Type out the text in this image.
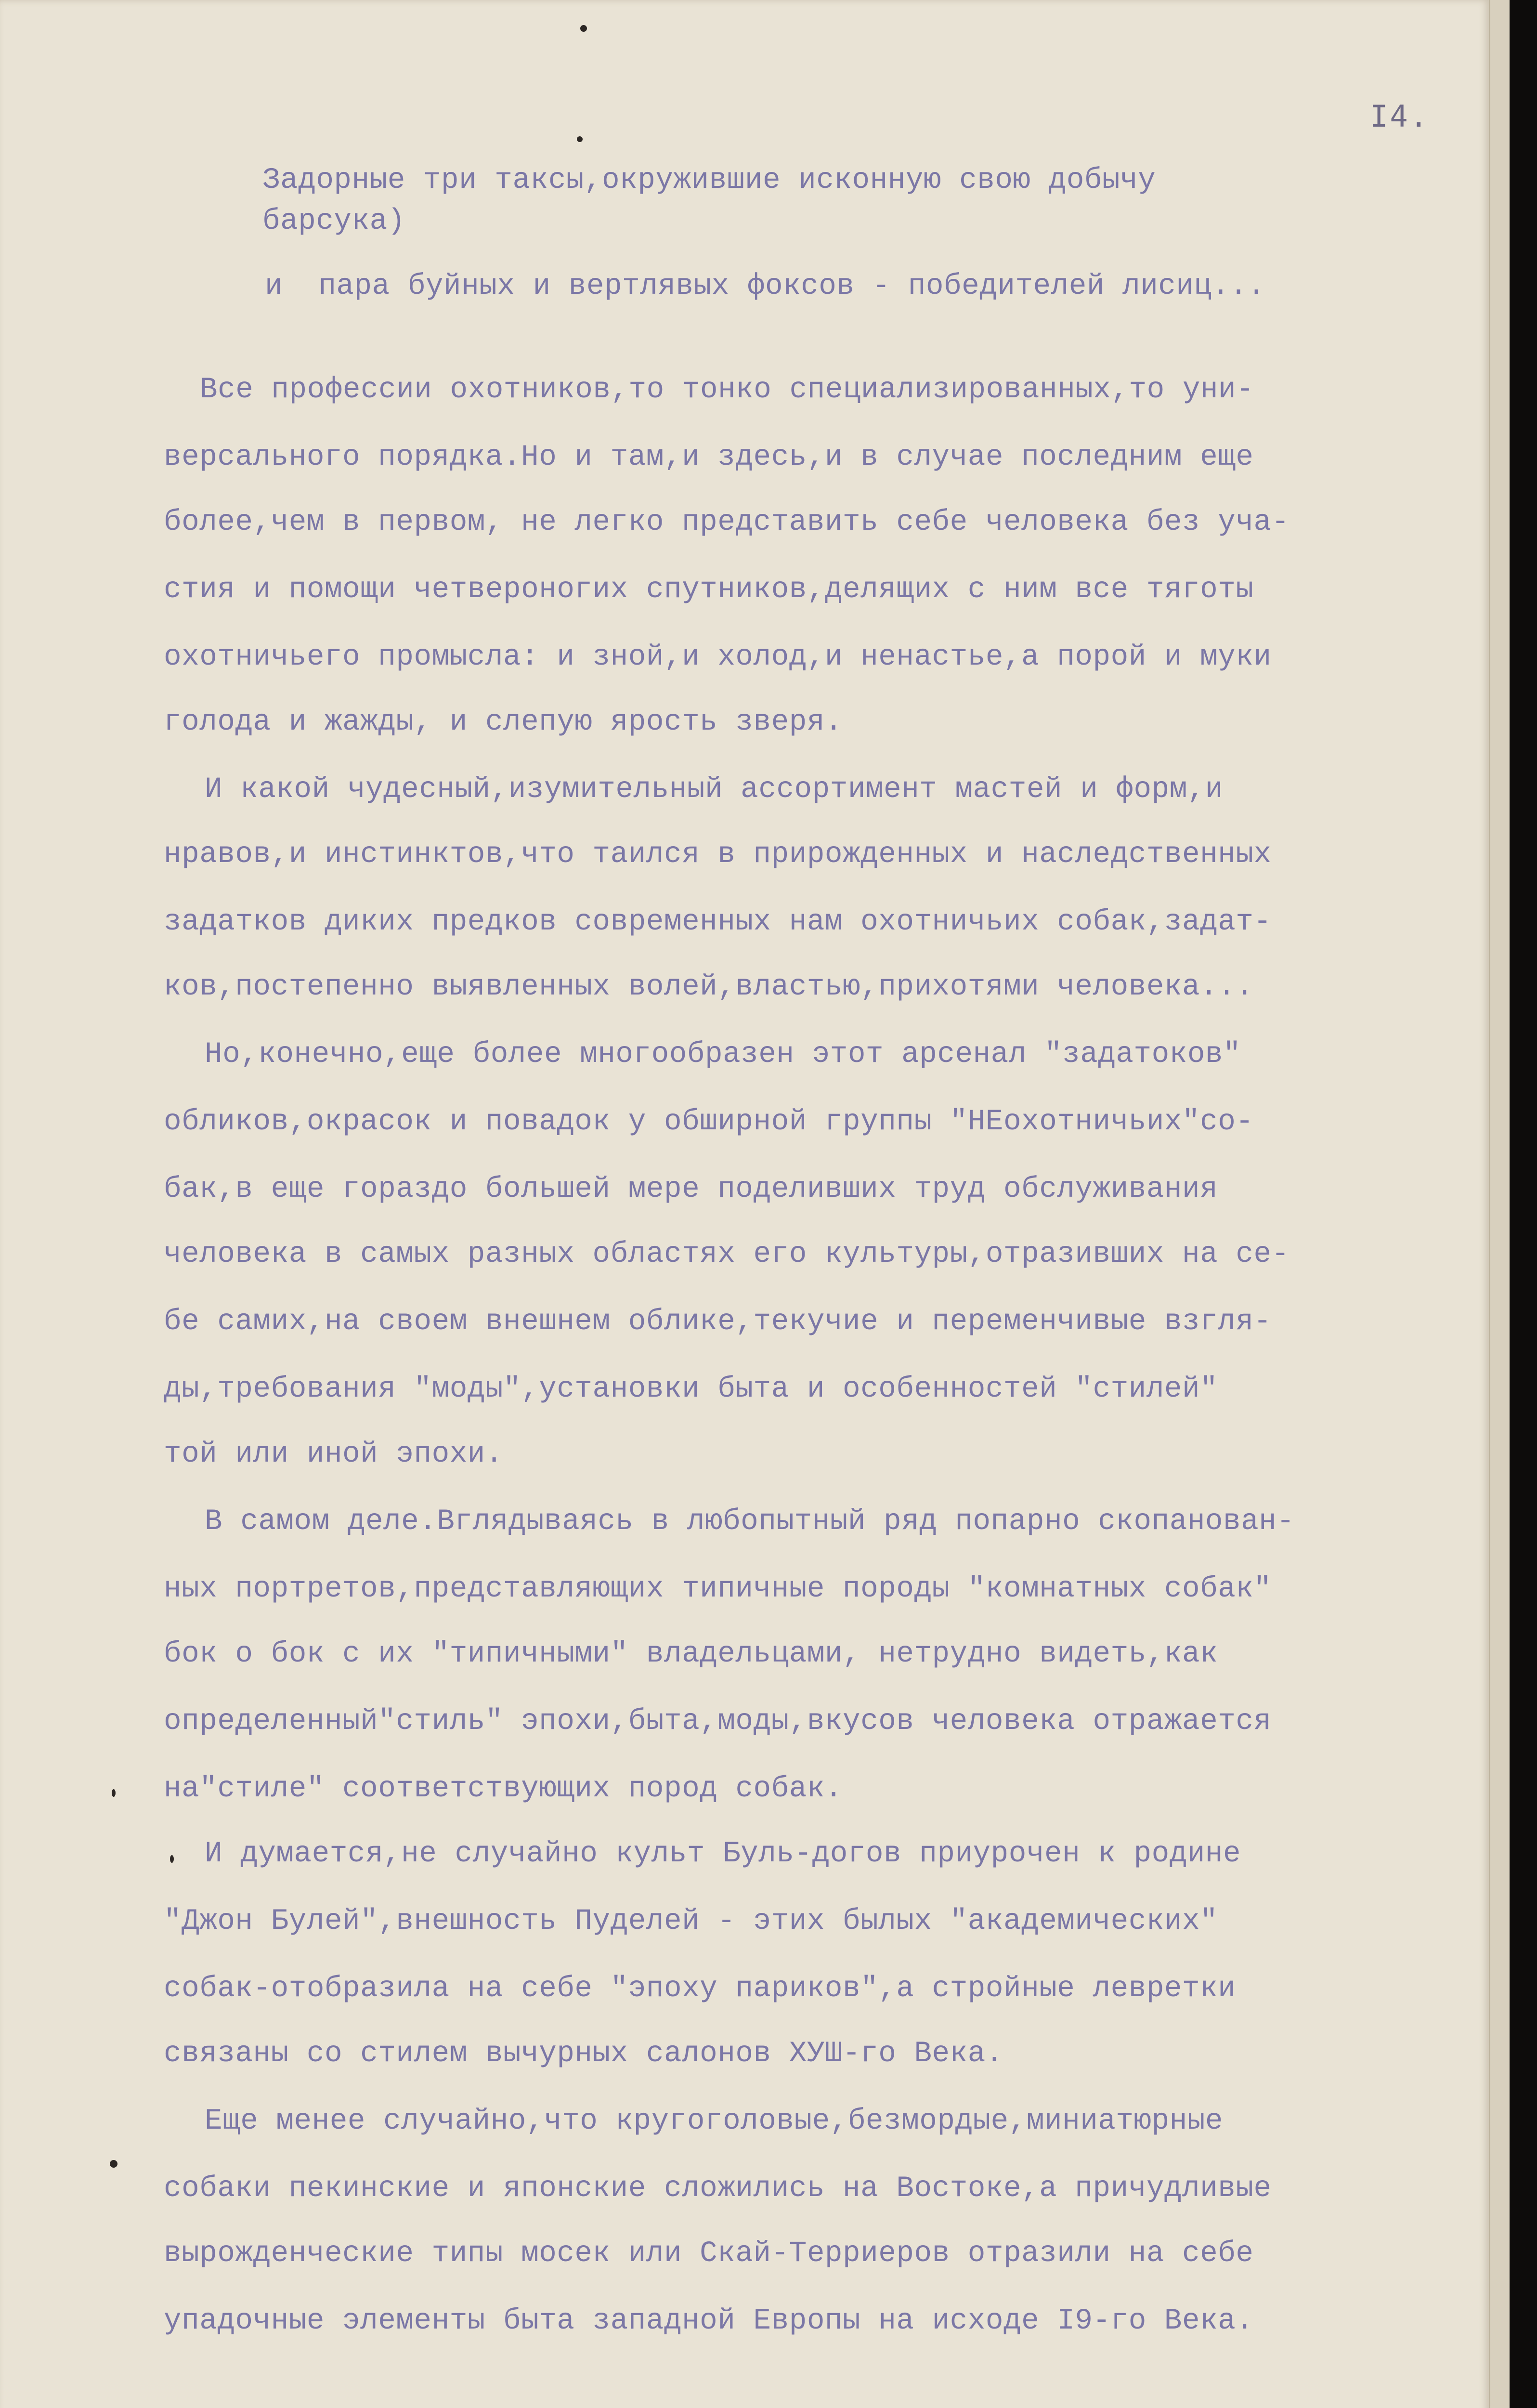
I4.
Задорные три таксы,окружившие исконную свою добычу
барсука)
и  пара буйных и вертлявых фоксов - победителей лисиц...
Все профессии охотников,то тонко специализированных,то уни-
версального порядка.Но и там,и здесь,и в случае последним еще
более,чем в первом, не легко представить себе человека без уча-
стия и помощи четвероногих спутников,делящих с ним все тяготы
охотничьего промысла: и зной,и холод,и ненастье,а порой и муки
голода и жажды, и слепую ярость зверя.
И какой чудесный,изумительный ассортимент мастей и форм,и
нравов,и инстинктов,что таился в прирожденных и наследственных
задатков диких предков современных нам охотничьих собак,задат-
ков,постепенно выявленных волей,властью,прихотями человека...
Но,конечно,еще более многообразен этот арсенал "задатоков"
обликов,окрасок и повадок у обширной группы "НЕохотничьих"со-
бак,в еще гораздо большей мере поделивших труд обслуживания
человека в самых разных областях его культуры,отразивших на се-
бе самих,на своем внешнем облике,текучие и переменчивые взгля-
ды,требования "моды",установки быта и особенностей "стилей"
той или иной эпохи.
В самом деле.Вглядываясь в любопытный ряд попарно скопанован-
ных портретов,представляющих типичные породы "комнатных собак"
бок о бок с их "типичными" владельцами, нетрудно видеть,как
определенный"стиль" эпохи,быта,моды,вкусов человека отражается
на"стиле" соответствующих пород собак.
И думается,не случайно культ Буль-догов приурочен к родине
"Джон Булей",внешность Пуделей - этих былых "академических"
собак-отобразила на себе "эпоху париков",а стройные левретки
связаны со стилем вычурных салонов ХУШ-го Века.
Еще менее случайно,что кругоголовые,безмордые,миниатюрные
собаки пекинские и японские сложились на Востоке,а причудливые
вырожденческие типы мосек или Скай-Терриеров отразили на себе
упадочные элементы быта западной Европы на исходе I9-го Века.
